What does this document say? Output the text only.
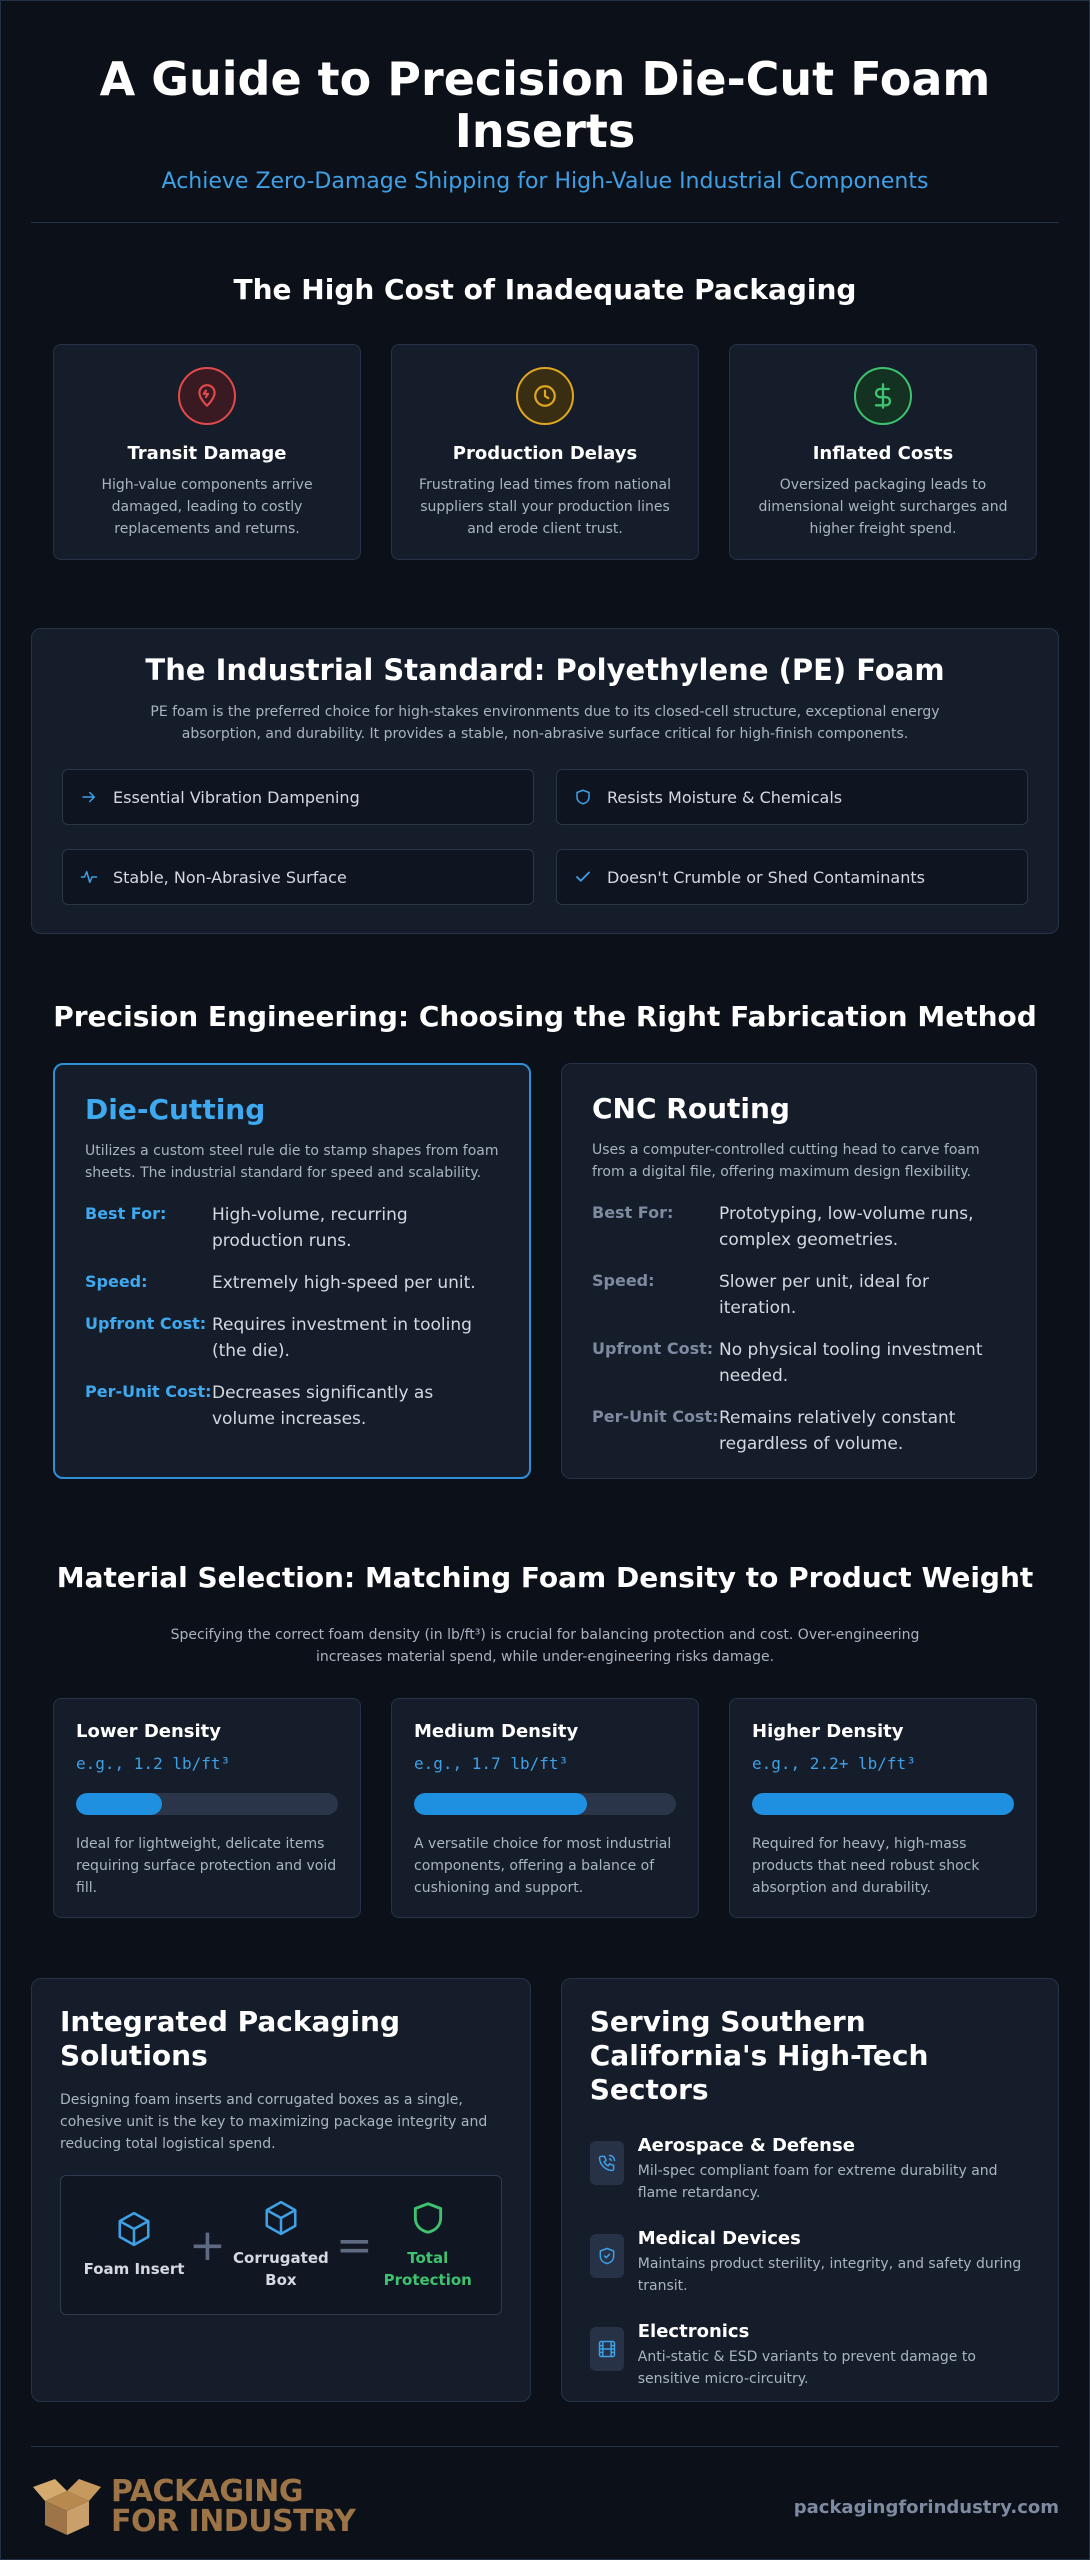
A Guide to Precision Die-Cut Foam Inserts
Achieve Zero-Damage Shipping for High-Value Industrial Components
The High Cost of Inadequate Packaging
Transit Damage
High-value components arrive damaged, leading to costly replacements and returns.
Production Delays
Frustrating lead times from national suppliers stall your production lines and erode client trust.
Inflated Costs
Oversized packaging leads to dimensional weight surcharges and higher freight spend.
The Industrial Standard: Polyethylene (PE) Foam
PE foam is the preferred choice for high-stakes environments due to its closed-cell structure, exceptional energy absorption, and durability. It provides a stable, non-abrasive surface critical for high-finish components.
Essential Vibration Dampening	Resists Moisture & Chemicals
Stable, Non-Abrasive Surface	Doesn't Crumble or Shed Contaminants
Precision Engineering: Choosing the Right Fabrication Method
Die-Cutting
Utilizes a custom steel rule die to stamp shapes from foam sheets. The industrial standard for speed and scalability.
Best For:	High-volume, recurring production runs.
Speed:	Extremely high-speed per unit.
Upfront Cost: Requires investment in tooling (the die).
Per-Unit Cost: Decreases significantly as volume increases.
CNC Routing
Uses a computer-controlled cutting head to carve foam from a digital file, offering maximum design flexibility.
Best For:	Prototyping, low-volume runs, complex geometries.
Speed:	Slower per unit, ideal for iteration.
Upfront Cost: No physical tooling investment needed.
Per-Unit Cost: Remains relatively constant regardless of volume.
Material Selection: Matching Foam Density to Product Weight
Specifying the correct foam density (in lb/ft³) is crucial for balancing protection and cost. Over-engineering increases material spend, while under-engineering risks damage.
Lower Density
e.g., 1.2 lb/ft³
Ideal for lightweight, delicate items requiring surface protection and void fill.
Medium Density
e.g., 1.7 lb/ft³
A versatile choice for most industrial components, offering a balance of cushioning and support.
Higher Density
e.g., 2.2+ lb/ft³
Required for heavy, high-mass products that need robust shock absorption and durability.
Integrated Packaging Solutions
Designing foam inserts and corrugated boxes as a single, cohesive unit is the key to maximizing package integrity and reducing total logistical spend.
Foam Insert + Corrugated Box
=	Total Protection
Serving Southern California's High-Tech Sectors
Aerospace & Defense
Mil-spec compliant foam for extreme durability and flame retardancy.
Medical Devices
Maintains product sterility, integrity, and safety during transit.
Electronics
Anti-static & ESD variants to prevent damage to sensitive micro-circuitry.
PACKAGING
FOR INDUSTRY	packagingforindustry.com
